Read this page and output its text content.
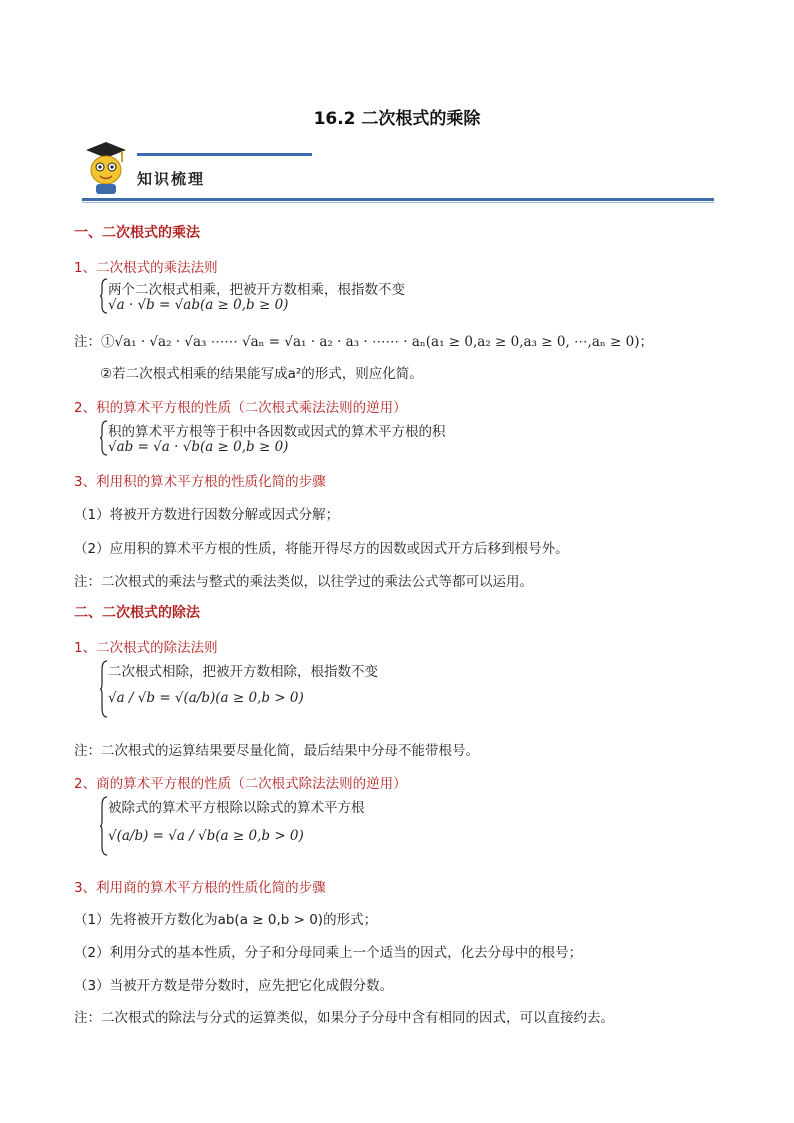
16.2 二次根式的乘除
知识梳理
一、二次根式的乘法
1、二次根式的乘法法则
两个二次根式相乘，把被开方数相乘，根指数不变
√a · √b = √ab(a ≥ 0,b ≥ 0)
注：①√a₁ · √a₂ · √a₃ ⋯⋯ √aₙ = √a₁ · a₂ · a₃ · ⋯⋯ · aₙ(a₁ ≥ 0,a₂ ≥ 0,a₃ ≥ 0, ⋯,aₙ ≥ 0)；
②若二次根式相乘的结果能写成a²的形式，则应化简。
2、积的算术平方根的性质（二次根式乘法法则的逆用）
积的算术平方根等于积中各因数或因式的算术平方根的积
√ab = √a · √b(a ≥ 0,b ≥ 0)
3、利用积的算术平方根的性质化简的步骤
（1）将被开方数进行因数分解或因式分解；
（2）应用积的算术平方根的性质，将能开得尽方的因数或因式开方后移到根号外。
注：二次根式的乘法与整式的乘法类似，以往学过的乘法公式等都可以运用。
二、二次根式的除法
1、二次根式的除法法则
二次根式相除，把被开方数相除，根指数不变
√a / √b = √(a/b)(a ≥ 0,b > 0)
注：二次根式的运算结果要尽量化简，最后结果中分母不能带根号。
2、商的算术平方根的性质（二次根式除法法则的逆用）
被除式的算术平方根除以除式的算术平方根
√(a/b) = √a / √b(a ≥ 0,b > 0)
3、利用商的算术平方根的性质化简的步骤
（1）先将被开方数化为ab(a ≥ 0,b > 0)的形式；
（2）利用分式的基本性质，分子和分母同乘上一个适当的因式，化去分母中的根号；
（3）当被开方数是带分数时，应先把它化成假分数。
注：二次根式的除法与分式的运算类似，如果分子分母中含有相同的因式，可以直接约去。
